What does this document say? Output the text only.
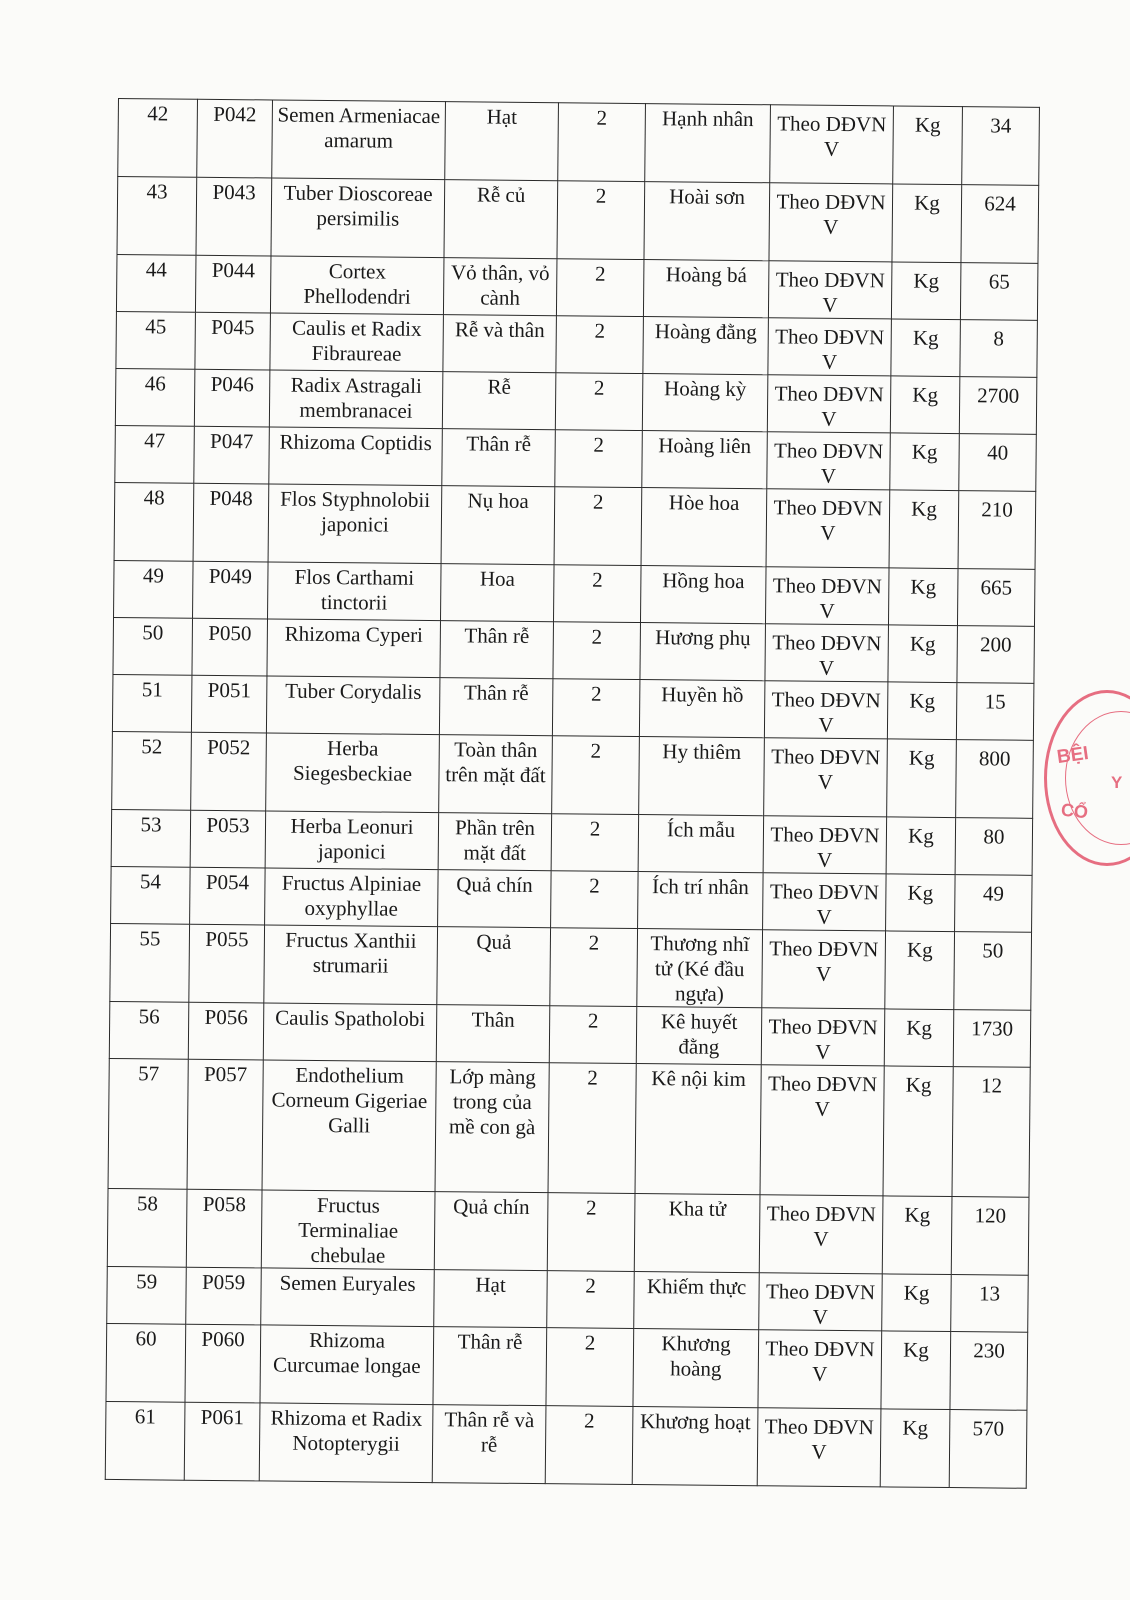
42	P042	Semen Armeniacae amarum	Hạt	2	Hạnh nhân	Theo DĐVN V	Kg	34
43	P043	Tuber Dioscoreae persimilis	Rễ củ	2	Hoài sơn	Theo DĐVN V	Kg	624
44	P044	Cortex Phellodendri	Vỏ thân, vỏ cành	2	Hoàng bá	Theo DĐVN V	Kg	65
45	P045	Caulis et Radix Fibraureae	Rễ và thân	2	Hoàng đằng	Theo DĐVN V	Kg	8
46	P046	Radix Astragali membranacei	Rễ	2	Hoàng kỳ	Theo DĐVN V	Kg	2700
47	P047	Rhizoma Coptidis	Thân rễ	2	Hoàng liên	Theo DĐVN V	Kg	40
48	P048	Flos Styphnolobii japonici	Nụ hoa	2	Hòe hoa	Theo DĐVN V	Kg	210
49	P049	Flos Carthami tinctorii	Hoa	2	Hồng hoa	Theo DĐVN V	Kg	665
50	P050	Rhizoma Cyperi	Thân rễ	2	Hương phụ	Theo DĐVN V	Kg	200
51	P051	Tuber Corydalis	Thân rễ	2	Huyền hồ	Theo DĐVN V	Kg	15
52	P052	Herba Siegesbeckiae	Toàn thân trên mặt đất	2	Hy thiêm	Theo DĐVN V	Kg	800
53	P053	Herba Leonuri japonici	Phần trên mặt đất	2	Ích mẫu	Theo DĐVN V	Kg	80
54	P054	Fructus Alpiniae oxyphyllae	Quả chín	2	Ích trí nhân	Theo DĐVN V	Kg	49
55	P055	Fructus Xanthii strumarii	Quả	2	Thương nhĩ tử (Ké đầu ngựa)	Theo DĐVN V	Kg	50
56	P056	Caulis Spatholobi	Thân	2	Kê huyết đằng	Theo DĐVN V	Kg	1730
57	P057	Endothelium Corneum Gigeriae Galli	Lớp màng trong của mề con gà	2	Kê nội kim	Theo DĐVN V	Kg	12
58	P058	Fructus Terminaliae chebulae	Quả chín	2	Kha tử	Theo DĐVN V	Kg	120
59	P059	Semen Euryales	Hạt	2	Khiếm thực	Theo DĐVN V	Kg	13
60	P060	Rhizoma Curcumae longae	Thân rễ	2	Khương hoàng	Theo DĐVN V	Kg	230
61	P061	Rhizoma et Radix Notopterygii	Thân rễ và rễ	2	Khương hoạt	Theo DĐVN V	Kg	570
BỆI
Y
CỔ
